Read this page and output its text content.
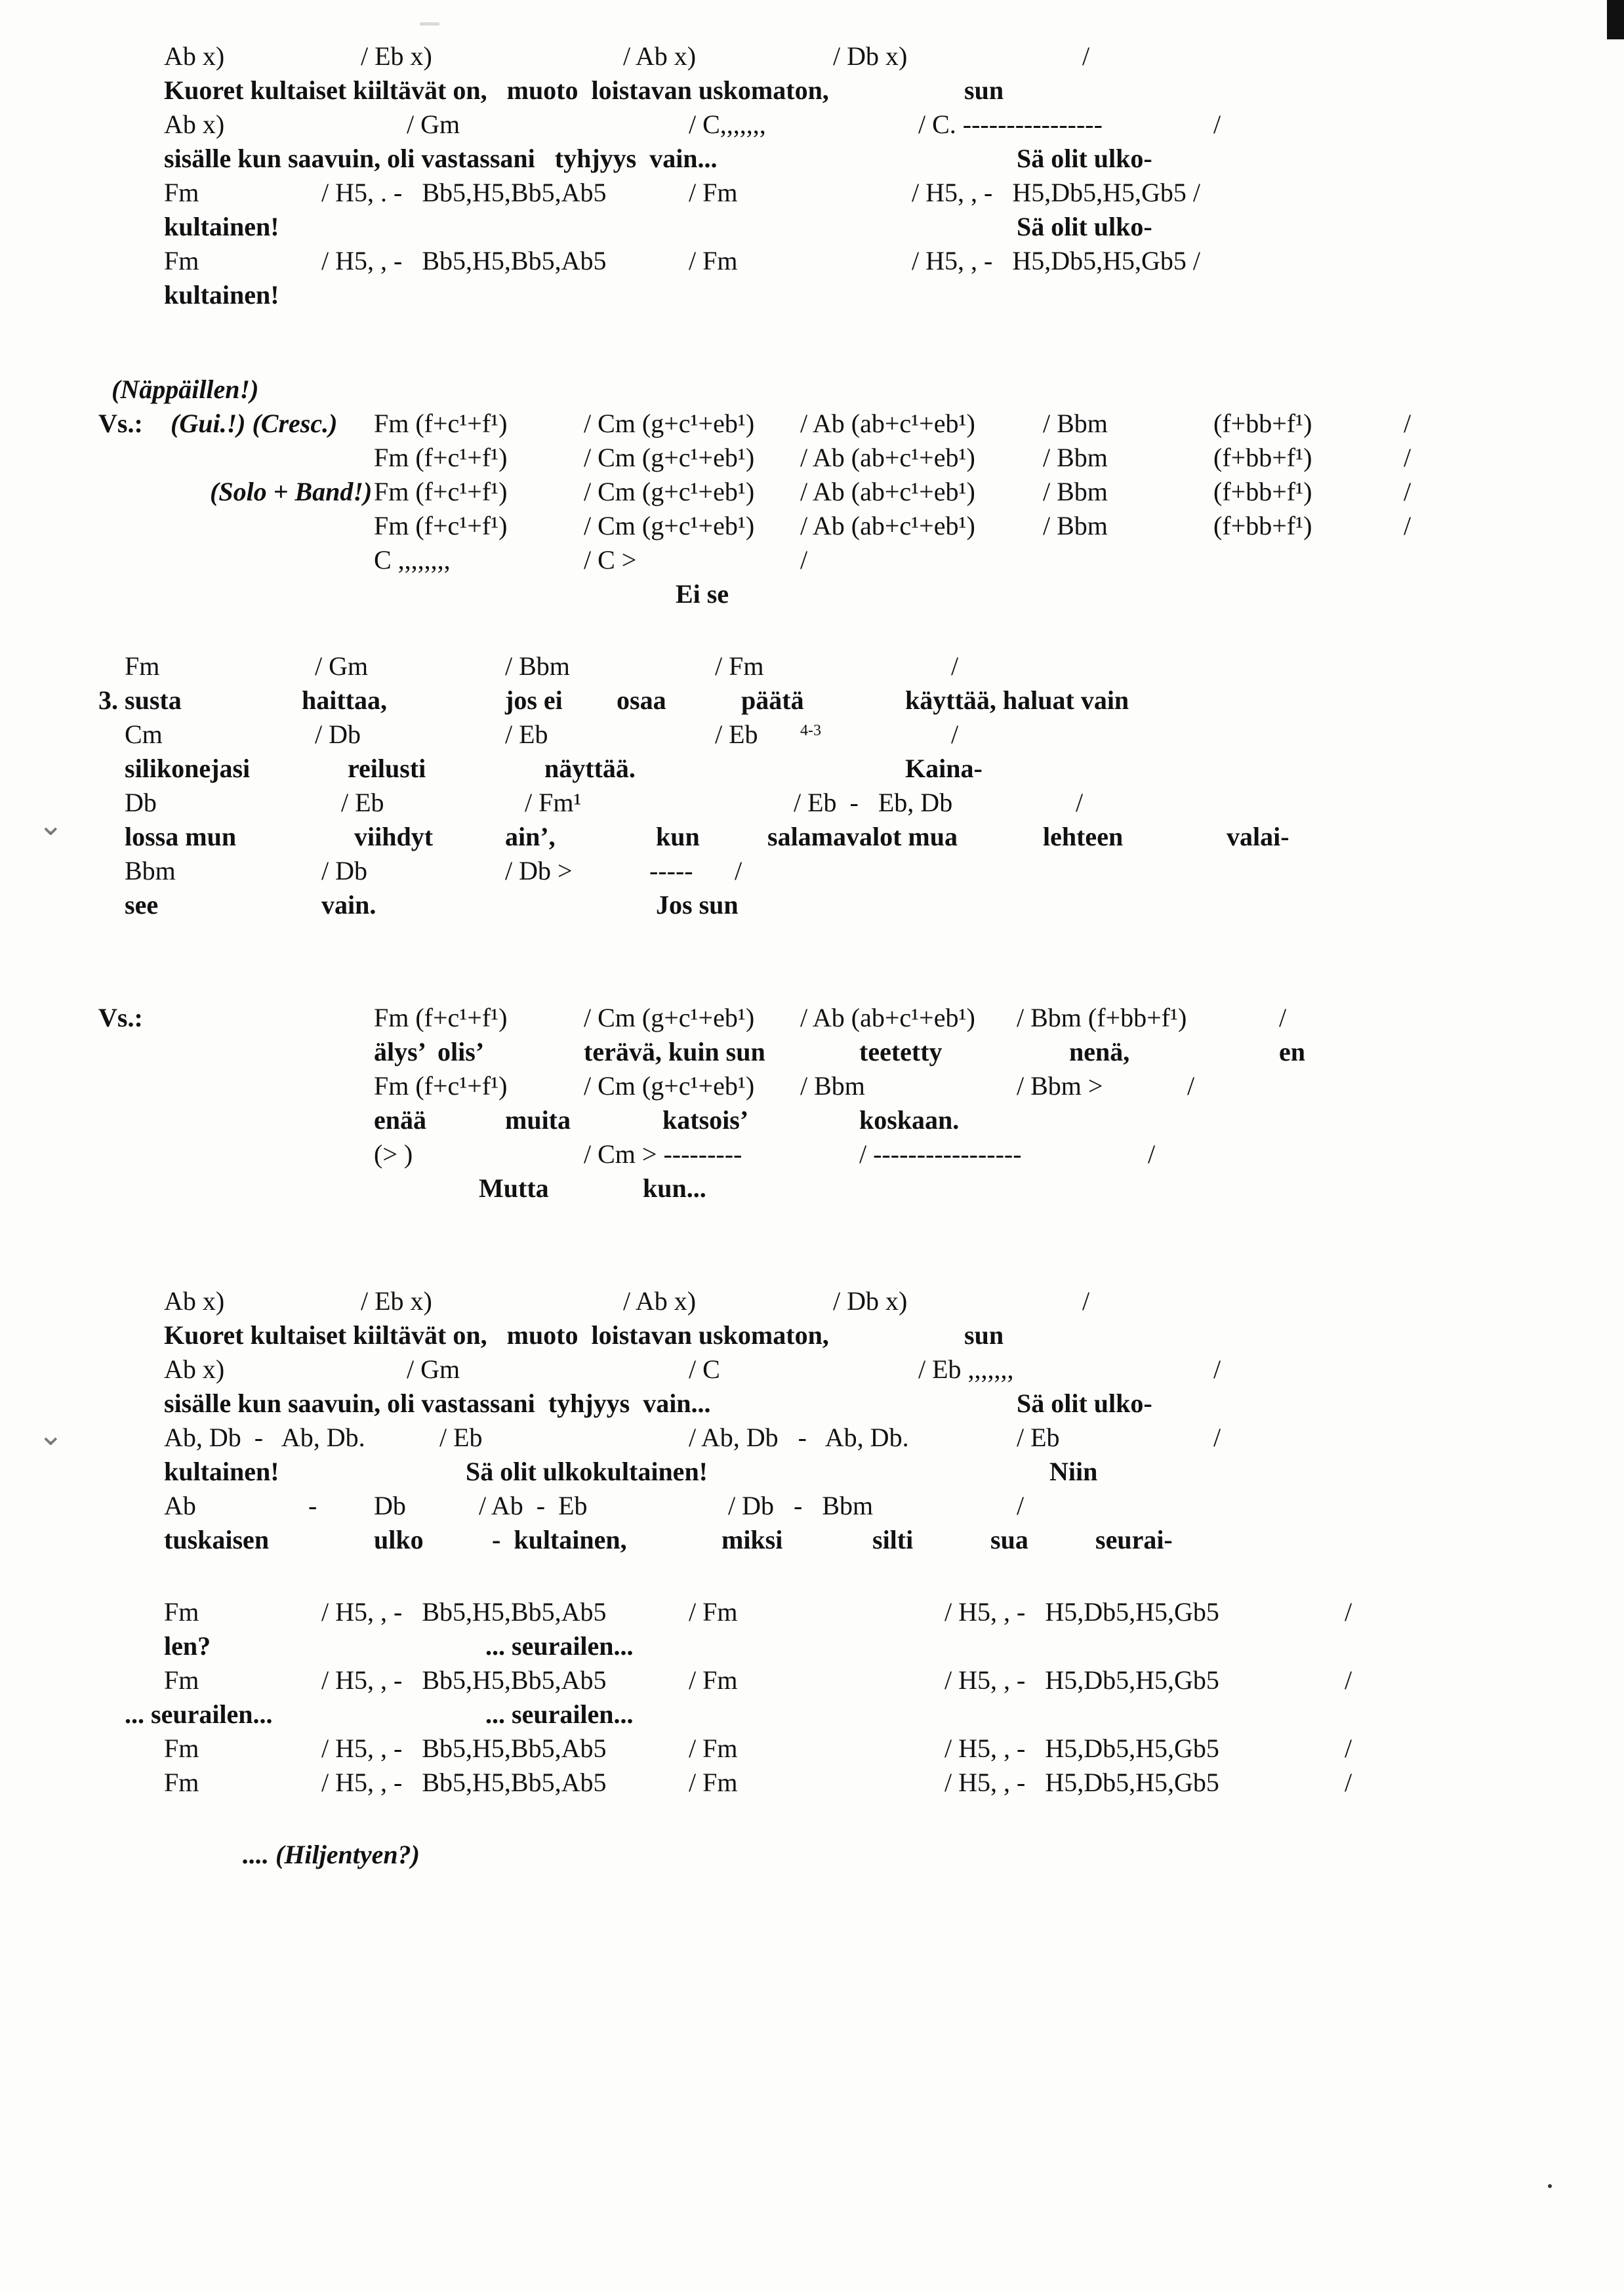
⌄
⌄
Ab x)	/ Eb x)	/ Ab x)	/ Db x)	/
Kuoret kultaiset kiiltävät on,   muoto  loistavan uskomaton,	sun
Ab x)	/ Gm	/ C,,,,,,,	/ C. ----------------	/
sisälle kun saavuin, oli vastassani   tyhjyys  vain...	Sä olit ulko-
Fm	/ H5, . -   Bb5,H5,Bb5,Ab5	/ Fm	/ H5, , -   H5,Db5,H5,Gb5 /
kultainen!	Sä olit ulko-
Fm	/ H5, , -   Bb5,H5,Bb5,Ab5	/ Fm	/ H5, , -   H5,Db5,H5,Gb5 /
kultainen!
(Näppäillen!)
Vs.: (Gui.!) (Cresc.) Fm (f+c¹+f¹)	/ Cm (g+c¹+eb¹) / Ab (ab+c¹+eb¹)	/ Bbm	(f+bb+f¹)	/
Fm (f+c¹+f¹)	/ Cm (g+c¹+eb¹) / Ab (ab+c¹+eb¹)	/ Bbm	(f+bb+f¹)	/
(Solo + Band!) Fm (f+c¹+f¹)	/ Cm (g+c¹+eb¹) / Ab (ab+c¹+eb¹)	/ Bbm	(f+bb+f¹)	/
Fm (f+c¹+f¹)	/ Cm (g+c¹+eb¹) / Ab (ab+c¹+eb¹)	/ Bbm	(f+bb+f¹)	/
C ,,,,,,,,	/ C >	/
Ei se
Fm	/ Gm	/ Bbm	/ Fm	/
3. susta	haittaa,	jos ei osaa	päätä	käyttää, haluat vain
Cm	/ Db	/ Eb	/ Eb	4-3	/
silikonejasi	reilusti	näyttää.	Kaina-
Db	/ Eb	/ Fm¹	/ Eb  -   Eb, Db	/
lossa mun	viihdyt	ain’,	kun	salamavalot mua	lehteen	valai-
Bbm	/ Db	/ Db >	----- /
see	vain.	Jos sun
Vs.:	Fm (f+c¹+f¹)	/ Cm (g+c¹+eb¹) / Ab (ab+c¹+eb¹) / Bbm (f+bb+f¹)	/
älys’  olis’	terävä, kuin sun	teetetty	nenä,	en
Fm (f+c¹+f¹)	/ Cm (g+c¹+eb¹) / Bbm	/ Bbm >	/
enää	muita	katsois’	koskaan.
(> )	/ Cm > ---------	/ -----------------	/
Mutta	kun...
Ab x)	/ Eb x)	/ Ab x)	/ Db x)	/
Kuoret kultaiset kiiltävät on,   muoto  loistavan uskomaton,	sun
Ab x)	/ Gm	/ C	/ Eb ,,,,,,,	/
sisälle kun saavuin, oli vastassani  tyhjyys  vain...	Sä olit ulko-
Ab, Db  -   Ab, Db.	/ Eb	/ Ab, Db   -   Ab, Db.	/ Eb	/
kultainen!	Sä olit ulkokultainen!	Niin
Ab	- Db	/ Ab  -  Eb	/ Db   -   Bbm	/
tuskaisen	ulko	-  kultainen,	miksi	silti	sua	seurai-
Fm	/ H5, , -   Bb5,H5,Bb5,Ab5	/ Fm	/ H5, , -   H5,Db5,H5,Gb5	/
len?	... seurailen...
Fm	/ H5, , -   Bb5,H5,Bb5,Ab5	/ Fm	/ H5, , -   H5,Db5,H5,Gb5	/
... seurailen...	... seurailen...
Fm	/ H5, , -   Bb5,H5,Bb5,Ab5	/ Fm	/ H5, , -   H5,Db5,H5,Gb5	/
Fm	/ H5, , -   Bb5,H5,Bb5,Ab5	/ Fm	/ H5, , -   H5,Db5,H5,Gb5	/
.... (Hiljentyen?)
